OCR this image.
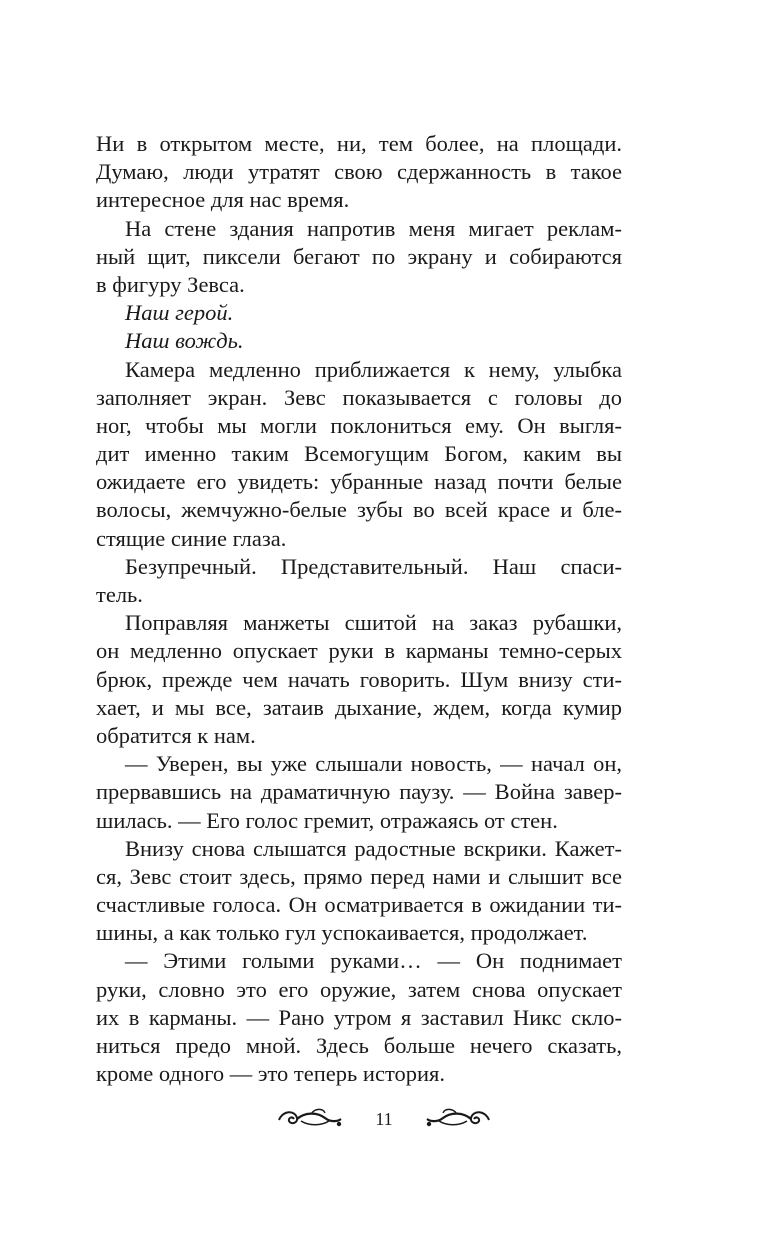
Ни в открытом месте, ни, тем более, на площади.
Думаю, люди утратят свою сдержанность в такое
интересное для нас время.
На стене здания напротив меня мигает реклам-
ный щит, пиксели бегают по экрану и собираются
в фигуру Зевса.
Наш герой.
Наш вождь.
Камера медленно приближается к нему, улыбка
заполняет экран. Зевс показывается с головы до
ног, чтобы мы могли поклониться ему. Он выгля-
дит именно таким Всемогущим Богом, каким вы
ожидаете его увидеть: убранные назад почти белые
волосы, жемчужно-белые зубы во всей красе и бле-
стящие синие глаза.
Безупречный. Представительный. Наш спаси-
тель.
Поправляя манжеты сшитой на заказ рубашки,
он медленно опускает руки в карманы темно-серых
брюк, прежде чем начать говорить. Шум внизу сти-
хает, и мы все, затаив дыхание, ждем, когда кумир
обратится к нам.
— Уверен, вы уже слышали новость, — начал он,
прервавшись на драматичную паузу. — Война завер-
шилась. — Его голос гремит, отражаясь от стен.
Внизу снова слышатся радостные вскрики. Кажет-
ся, Зевс стоит здесь, прямо перед нами и слышит все
счастливые голоса. Он осматривается в ожидании ти-
шины, а как только гул успокаивается, продолжает.
— Этими голыми руками… — Он поднимает
руки, словно это его оружие, затем снова опускает
их в карманы. — Рано утром я заставил Никс скло-
ниться предо мной. Здесь больше нечего сказать,
кроме одного — это теперь история.
11
